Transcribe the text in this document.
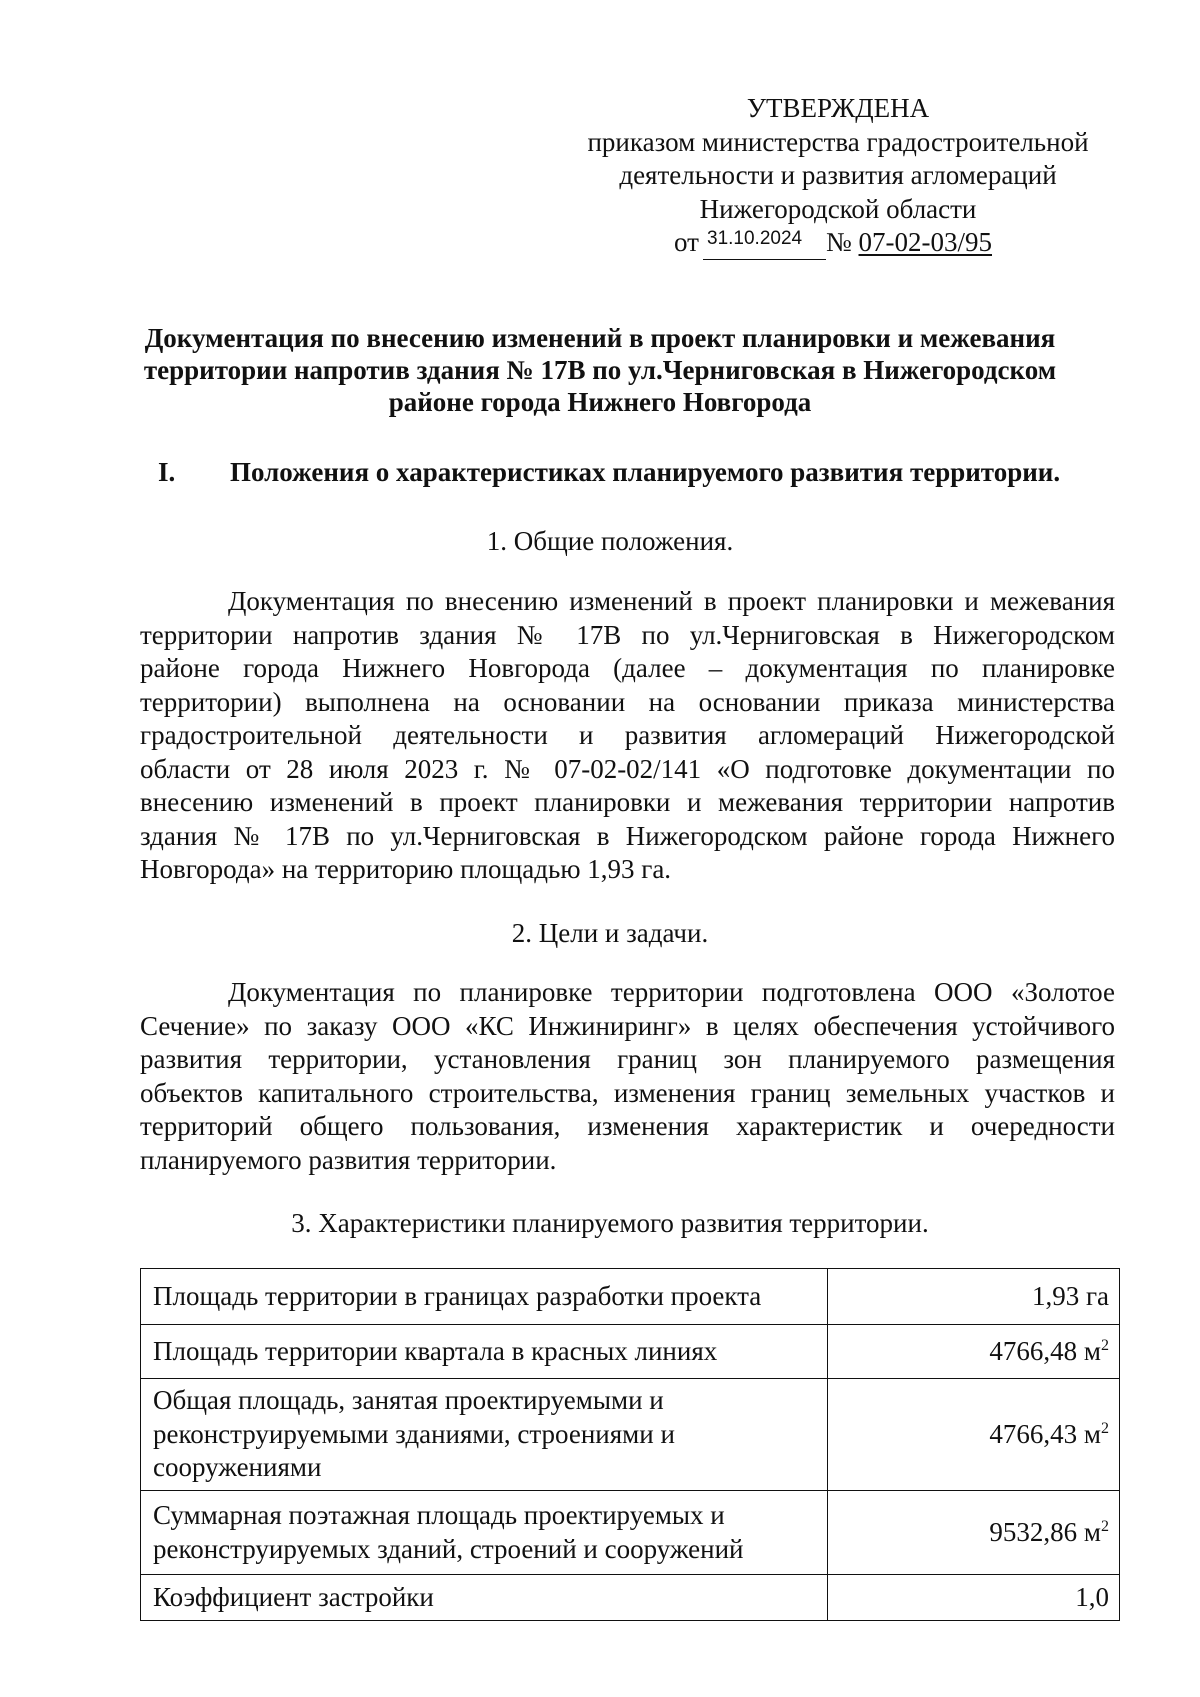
УТВЕРЖДЕНА
приказом министерства градостроительной
деятельности и развития агломераций
Нижегородской области
от 31.10.2024 № 07-02-03/95
Документация по внесению изменений в проект планировки и межевания
территории напротив здания № 17В по ул.Черниговская в Нижегородском
районе города Нижнего Новгорода
I. Положения о характеристиках планируемого развития территории.
1. Общие положения.
Документация по внесению изменений в проект планировки и межевания
территории напротив здания № 17В по ул.Черниговская в Нижегородском
районе города Нижнего Новгорода (далее – документация по планировке
территории) выполнена на основании на основании приказа министерства
градостроительной деятельности и развития агломераций Нижегородской
области от 28 июля 2023 г. № 07-02-02/141 «О подготовке документации по
внесению изменений в проект планировки и межевания территории напротив
здания № 17В по ул.Черниговская в Нижегородском районе города Нижнего
Новгорода» на территорию площадью 1,93 га.
2. Цели и задачи.
Документация по планировке территории подготовлена ООО «Золотое
Сечение» по заказу ООО «КС Инжиниринг» в целях обеспечения устойчивого
развития территории, установления границ зон планируемого размещения
объектов капитального строительства, изменения границ земельных участков и
территорий общего пользования, изменения характеристик и очередности
планируемого развития территории.
3. Характеристики планируемого развития территории.
Площадь территории в границах разработки проекта	1,93 га
Площадь территории квартала в красных линиях	4766,48 $м^2$
Общая площадь, занятая проектируемыми и реконструируемыми зданиями, строениями и сооружениями	4766,43 $м^2$
Суммарная поэтажная площадь проектируемых и реконструируемых зданий, строений и сооружений	9532,86 $м^2$
Коэффициент застройки	1,0
